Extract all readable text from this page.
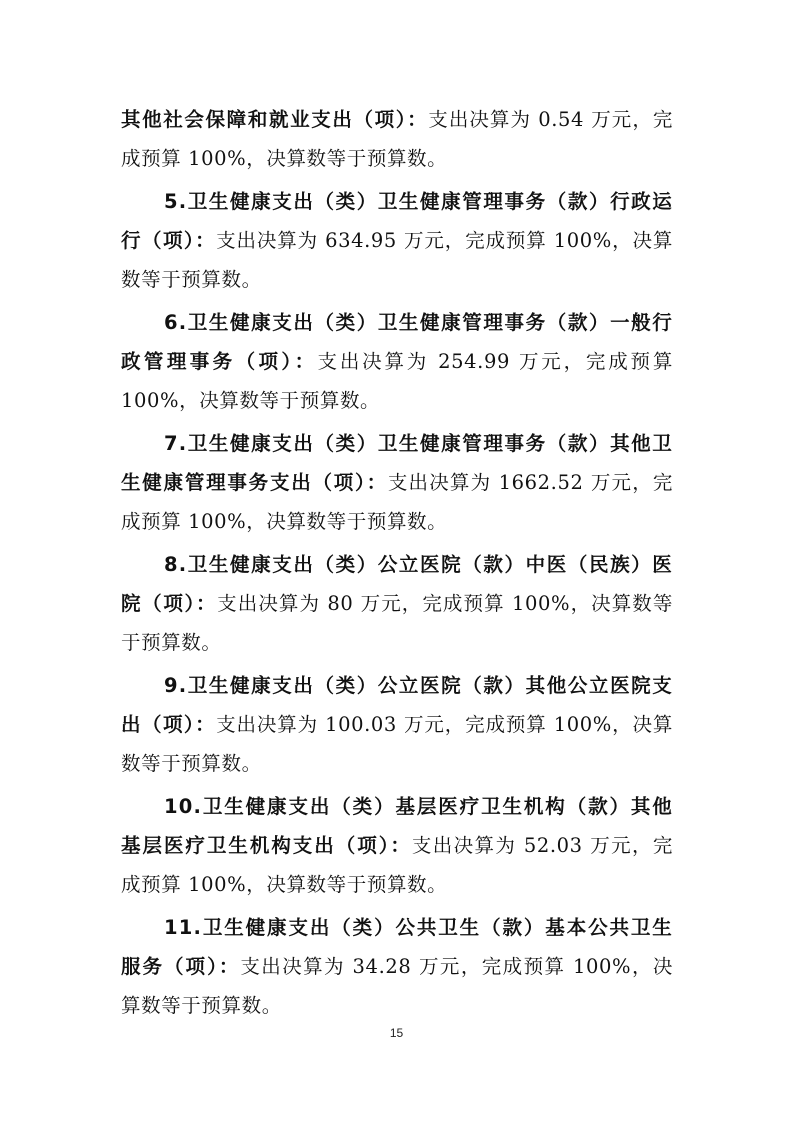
其他社会保障和就业支出（项）：支出决算为 0.54 万元，完成预算 100%，决算数等于预算数。

5.卫生健康支出（类）卫生健康管理事务（款）行政运行（项）：支出决算为 634.95 万元，完成预算 100%，决算数等于预算数。

6.卫生健康支出（类）卫生健康管理事务（款）一般行政管理事务（项）：支出决算为 254.99 万元，完成预算 100%，决算数等于预算数。

7.卫生健康支出（类）卫生健康管理事务（款）其他卫生健康管理事务支出（项）：支出决算为 1662.52 万元，完成预算 100%，决算数等于预算数。

8.卫生健康支出（类）公立医院（款）中医（民族）医院（项）：支出决算为 80 万元，完成预算 100%，决算数等于预算数。

9.卫生健康支出（类）公立医院（款）其他公立医院支出（项）：支出决算为 100.03 万元，完成预算 100%，决算数等于预算数。

10.卫生健康支出（类）基层医疗卫生机构（款）其他基层医疗卫生机构支出（项）：支出决算为 52.03 万元，完成预算 100%，决算数等于预算数。

11.卫生健康支出（类）公共卫生（款）基本公共卫生服务（项）：支出决算为 34.28 万元，完成预算 100%，决算数等于预算数。

15
